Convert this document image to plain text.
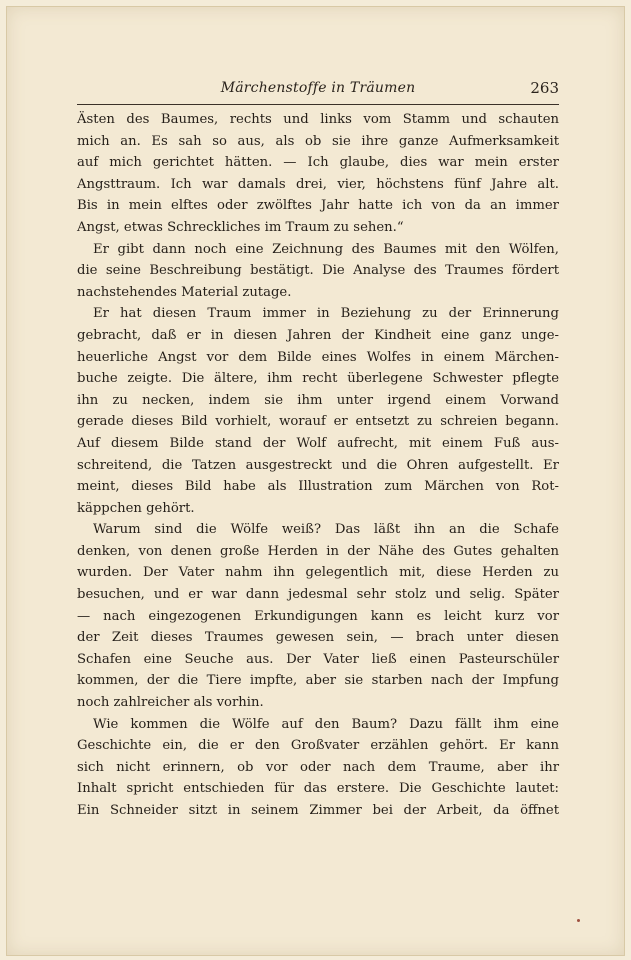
Märchenstoffe in Träumen	263
Ästen des Baumes, rechts und links vom Stamm und schauten
mich an. Es sah so aus, als ob sie ihre ganze Aufmerksamkeit
auf mich gerichtet hätten. — Ich glaube, dies war mein erster
Angsttraum. Ich war damals drei, vier, höchstens fünf Jahre alt.
Bis in mein elftes oder zwölftes Jahr hatte ich von da an immer
Angst, etwas Schreckliches im Traum zu sehen.“
Er gibt dann noch eine Zeichnung des Baumes mit den Wölfen,
die seine Beschreibung bestätigt. Die Analyse des Traumes fördert
nachstehendes Material zutage.
Er hat diesen Traum immer in Beziehung zu der Erinnerung
gebracht, daß er in diesen Jahren der Kindheit eine ganz unge-
heuerliche Angst vor dem Bilde eines Wolfes in einem Märchen-
buche zeigte. Die ältere, ihm recht überlegene Schwester pflegte
ihn zu necken, indem sie ihm unter irgend einem Vorwand
gerade dieses Bild vorhielt, worauf er entsetzt zu schreien begann.
Auf diesem Bilde stand der Wolf aufrecht, mit einem Fuß aus-
schreitend, die Tatzen ausgestreckt und die Ohren aufgestellt. Er
meint, dieses Bild habe als Illustration zum Märchen von Rot-
käppchen gehört.
Warum sind die Wölfe weiß? Das läßt ihn an die Schafe
denken, von denen große Herden in der Nähe des Gutes gehalten
wurden. Der Vater nahm ihn gelegentlich mit, diese Herden zu
besuchen, und er war dann jedesmal sehr stolz und selig. Später
— nach eingezogenen Erkundigungen kann es leicht kurz vor
der Zeit dieses Traumes gewesen sein, — brach unter diesen
Schafen eine Seuche aus. Der Vater ließ einen Pasteurschüler
kommen, der die Tiere impfte, aber sie starben nach der Impfung
noch zahlreicher als vorhin.
Wie kommen die Wölfe auf den Baum? Dazu fällt ihm eine
Geschichte ein, die er den Großvater erzählen gehört. Er kann
sich nicht erinnern, ob vor oder nach dem Traume, aber ihr
Inhalt spricht entschieden für das erstere. Die Geschichte lautet:
Ein Schneider sitzt in seinem Zimmer bei der Arbeit, da öffnet
